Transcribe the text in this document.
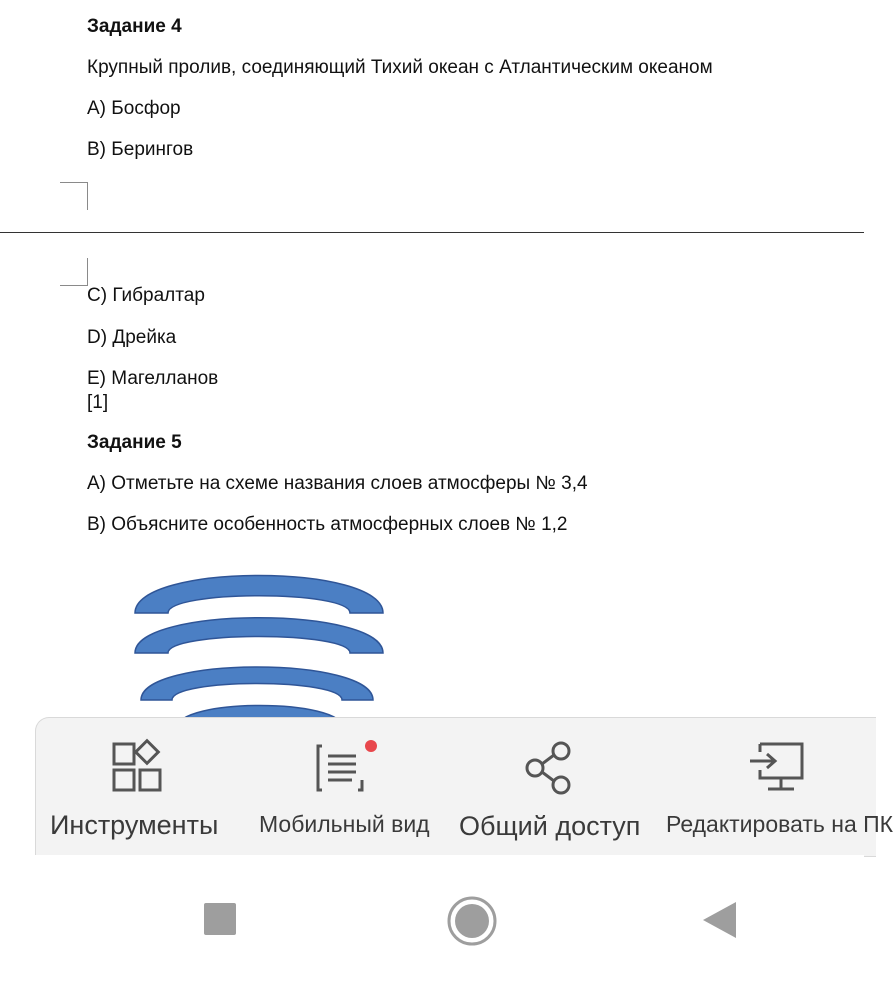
Задание 4

Крупный пролив, соединяющий Тихий океан с Атлантическим океаном

A) Босфор

B) Берингов

C) Гибралтар

D) Дрейка

E) Магелланов

[1]

Задание 5

A) Отметьте на схеме названия слоев атмосферы № 3,4

B) Объясните особенность атмосферных слоев № 1,2

Инструменты Мобильный вид Общий доступ Редактировать на ПК
